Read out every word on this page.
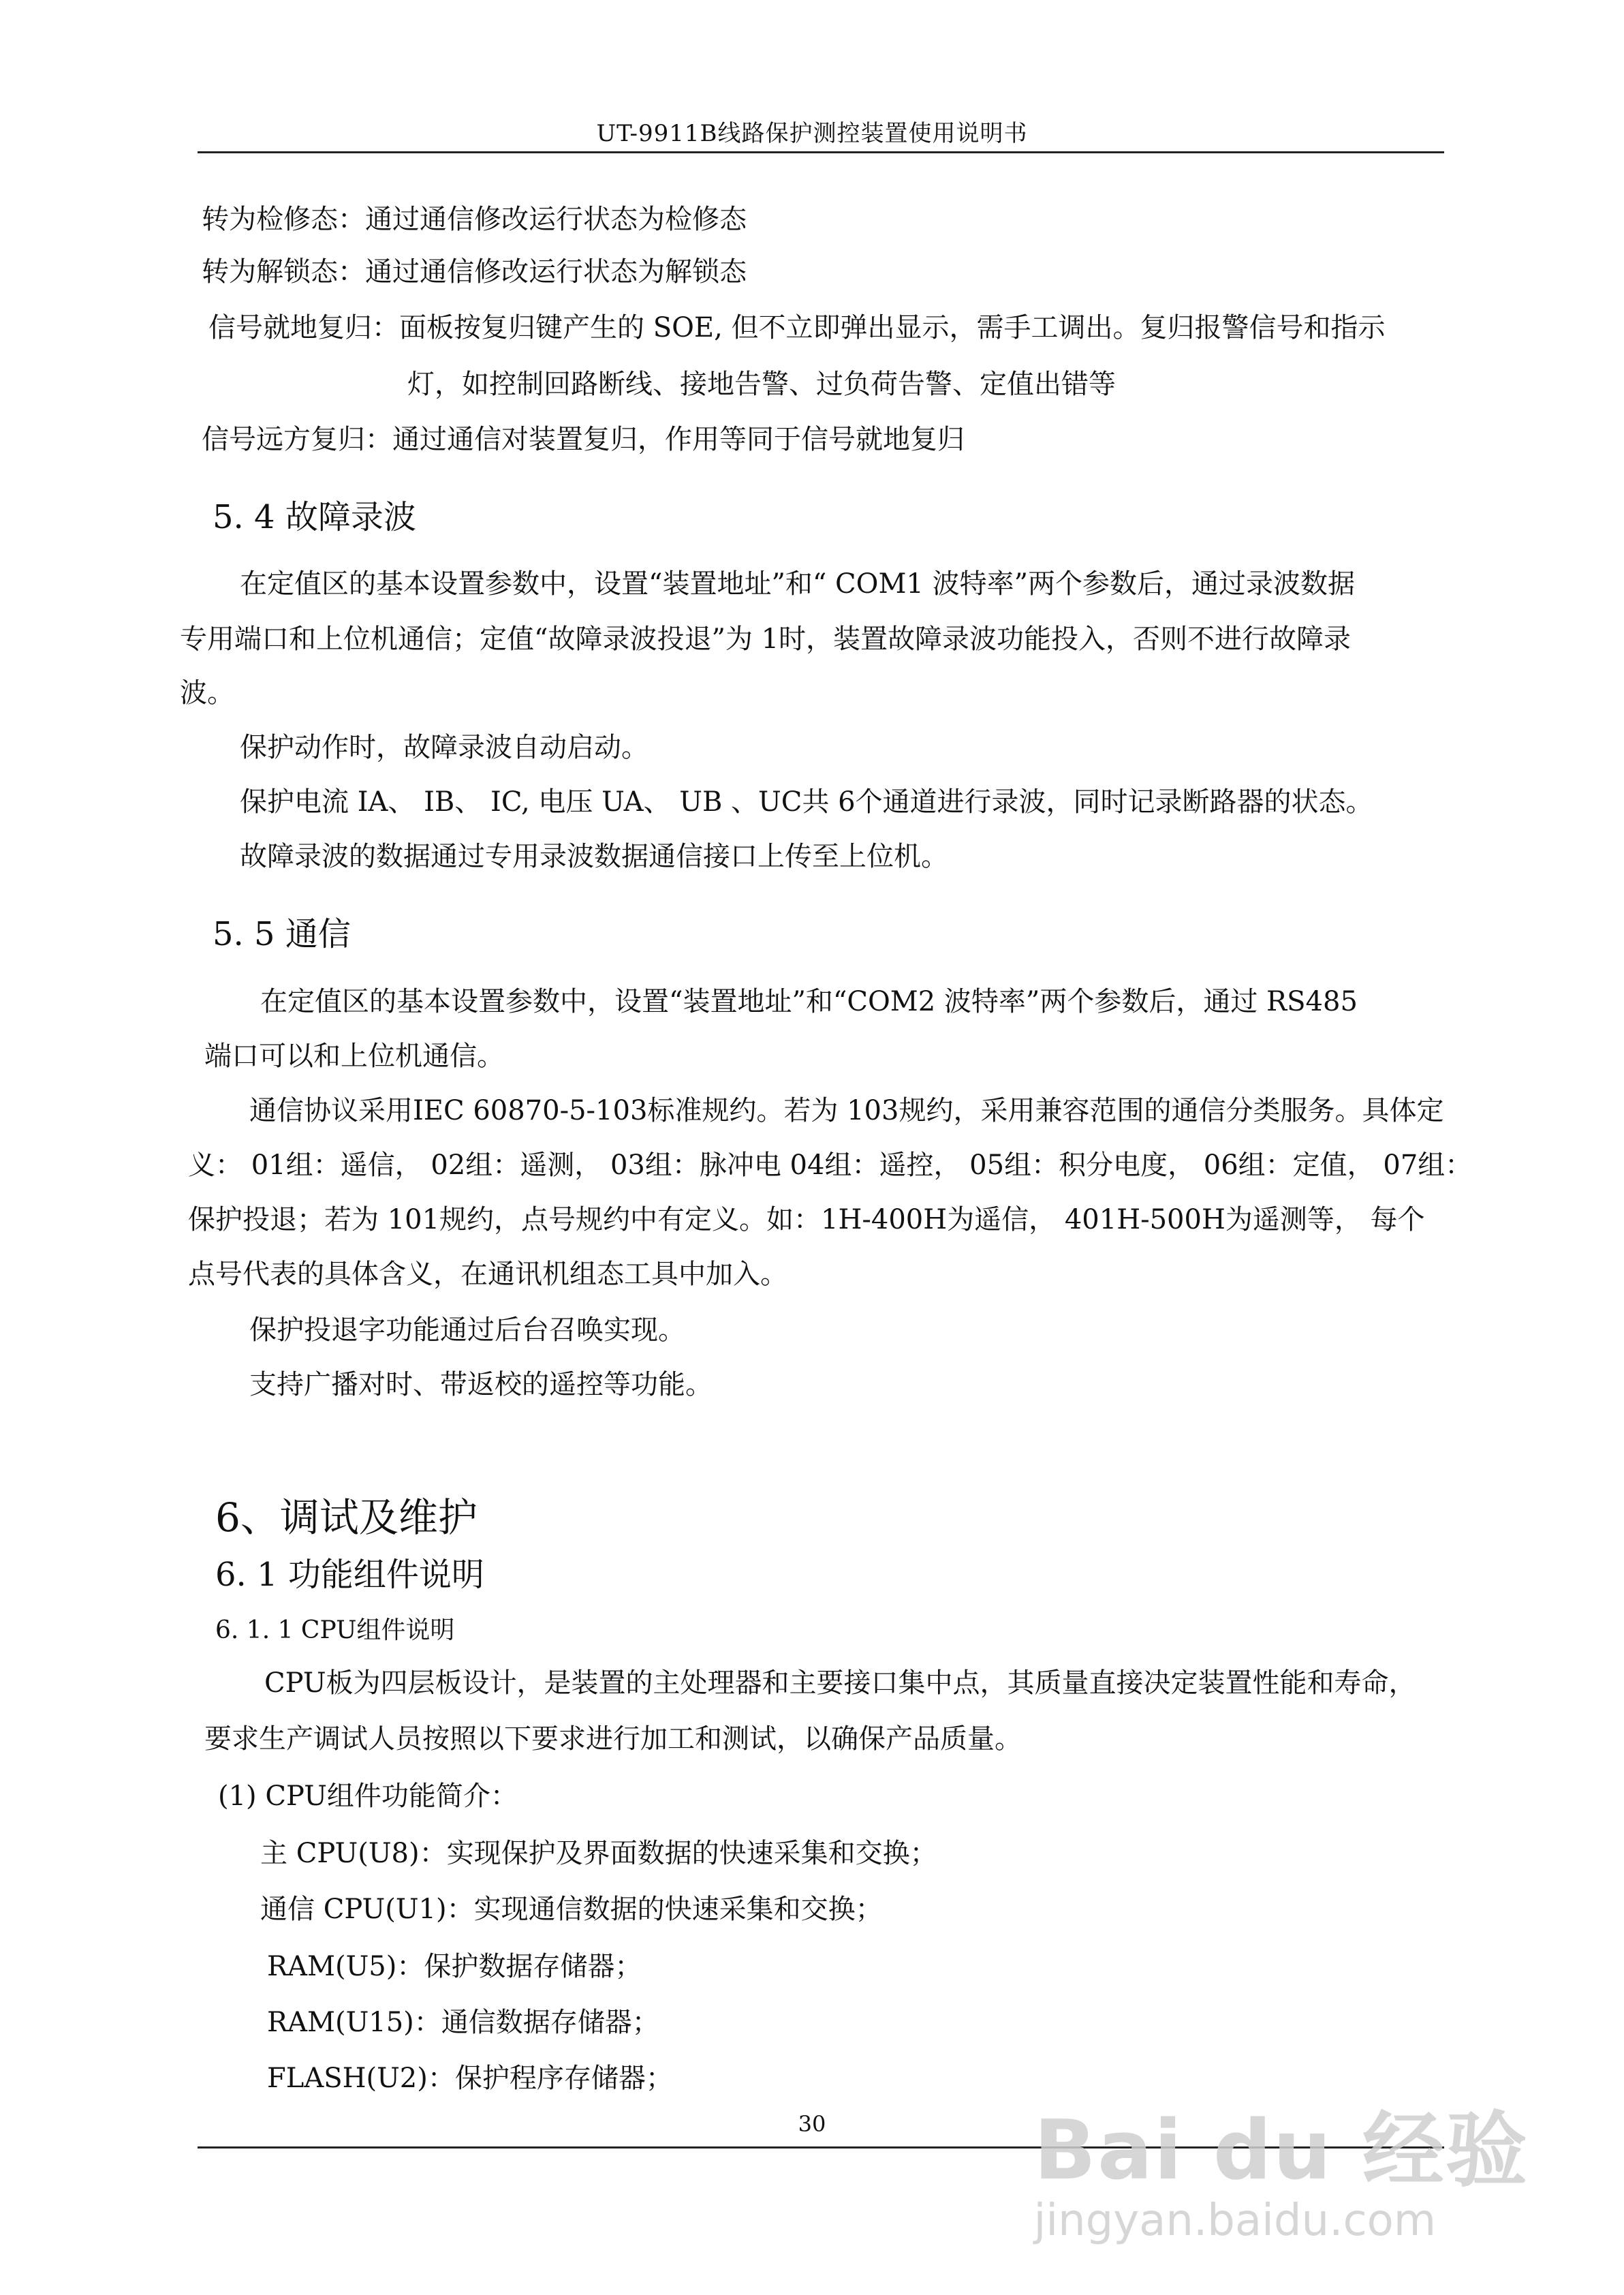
UT-9911B线路保护测控装置使用说明书
转为检修态：通过通信修改运行状态为检修态
转为解锁态：通过通信修改运行状态为解锁态
信号就地复归：面板按复归键产生的 SOE, 但不立即弹出显示，需手工调出。复归报警信号和指示
灯，如控制回路断线、接地告警、过负荷告警、定值出错等
信号远方复归：通过通信对装置复归，作用等同于信号就地复归
5. 4 故障录波
在定值区的基本设置参数中，设置“装置地址”和“ COM1 波特率”两个参数后，通过录波数据
专用端口和上位机通信；定值“故障录波投退”为 1时，装置故障录波功能投入，否则不进行故障录
波。
保护动作时，故障录波自动启动。
保护电流 IA、 IB、 IC, 电压 UA、 UB 、UC共 6个通道进行录波，同时记录断路器的状态。
故障录波的数据通过专用录波数据通信接口上传至上位机。
5. 5 通信
在定值区的基本设置参数中，设置“装置地址”和“COM2 波特率”两个参数后，通过 RS485
端口可以和上位机通信。
通信协议采用IEC 60870-5-103标准规约。若为 103规约，采用兼容范围的通信分类服务。具体定
义： 01组：遥信， 02组：遥测， 03组：脉冲电 04组：遥控， 05组：积分电度， 06组：定值， 07组：
保护投退；若为 101规约，点号规约中有定义。如：1H-400H为遥信， 401H-500H为遥测等， 每个
点号代表的具体含义，在通讯机组态工具中加入。
保护投退字功能通过后台召唤实现。
支持广播对时、带返校的遥控等功能。
6、调试及维护
6. 1 功能组件说明
6. 1. 1 CPU组件说明
CPU板为四层板设计，是装置的主处理器和主要接口集中点，其质量直接决定装置性能和寿命，
要求生产调试人员按照以下要求进行加工和测试，以确保产品质量。
(1) CPU组件功能简介：
主 CPU(U8)：实现保护及界面数据的快速采集和交换；
通信 CPU(U1)：实现通信数据的快速采集和交换；
RAM(U5)：保护数据存储器；
RAM(U15)：通信数据存储器；
FLASH(U2)：保护程序存储器；
30	Bai du 经验
jingyan.baidu.com
